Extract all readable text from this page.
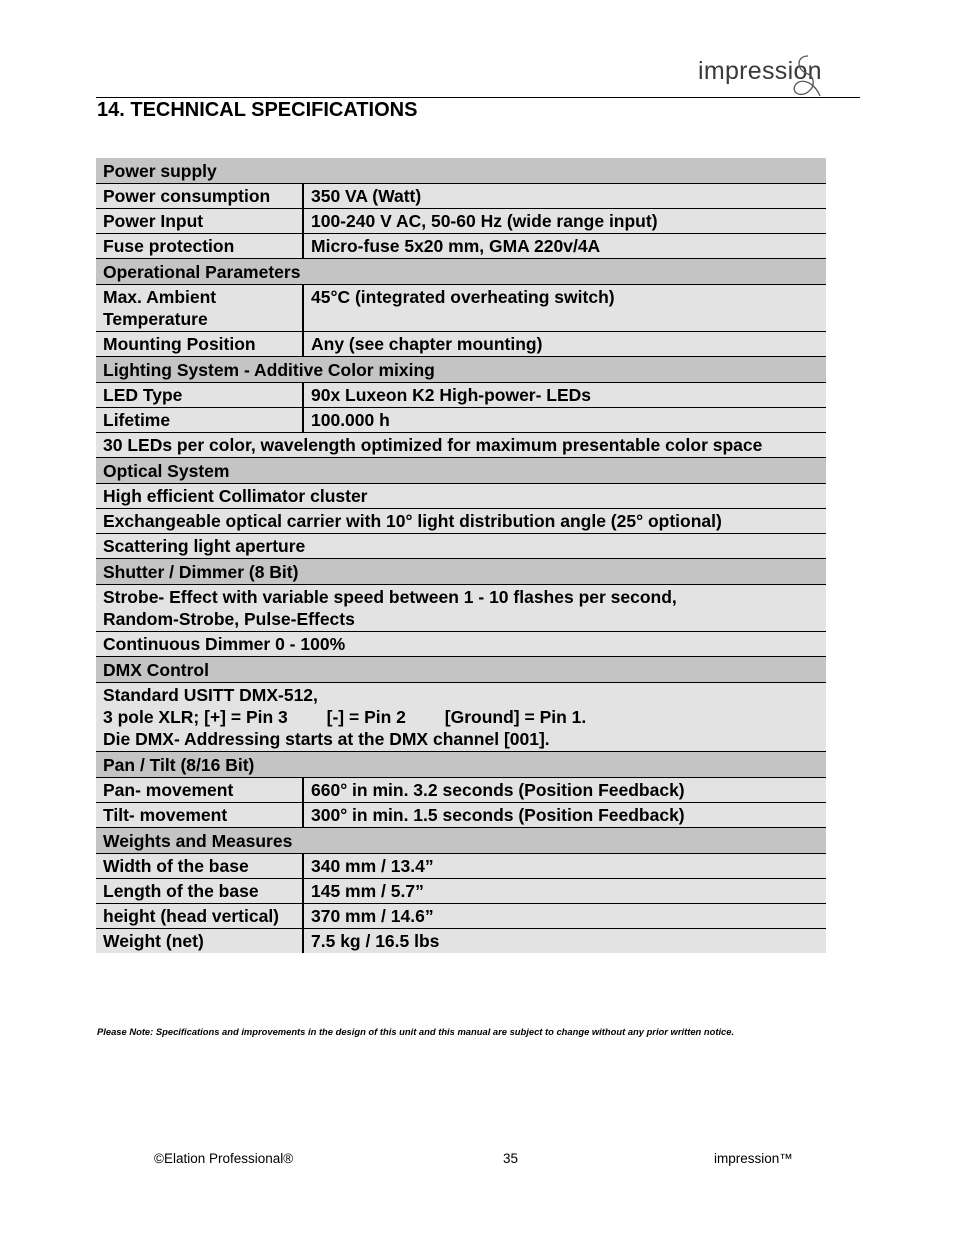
impression
14. TECHNICAL SPECIFICATIONS
Power supply	
Power consumption	350 VA (Watt)
Power Input	100-240 V AC, 50-60 Hz (wide range input)
Fuse protection	Micro-fuse 5x20 mm, GMA 220v/4A
Operational Parameters	
Max. Ambient Temperature	45°C (integrated overheating switch)
Mounting Position	Any (see chapter mounting)
Lighting System - Additive Color mixing	
LED Type	90x Luxeon K2 High-power- LEDs
Lifetime	100.000 h
30 LEDs per color, wavelength optimized for maximum presentable color space	
Optical System	
High efficient Collimator cluster	
Exchangeable optical carrier with 10° light distribution angle (25° optional)	
Scattering light aperture	
Shutter / Dimmer (8 Bit)	
Strobe- Effect with variable speed between 1 - 10 flashes per second,
Random-Strobe, Pulse-Effects	
Continuous Dimmer 0 - 100%	
DMX Control	
Standard USITT DMX-512,
3 pole XLR; [+] = Pin 3        [-] = Pin 2        [Ground] = Pin 1.
Die DMX- Addressing starts at the DMX channel [001].	
Pan / Tilt (8/16 Bit)	
Pan- movement	660° in min. 3.2 seconds (Position Feedback)
Tilt- movement	300° in min. 1.5 seconds (Position Feedback)
Weights and Measures	
Width of the base	340 mm / 13.4”
Length of the base	145 mm / 5.7”
height (head vertical)	370 mm / 14.6”
Weight (net)	7.5 kg / 16.5 lbs

Please Note: Specifications and improvements in the design of this unit and this manual are subject to change without any prior written notice.

©Elation Professional®	35	impression™
